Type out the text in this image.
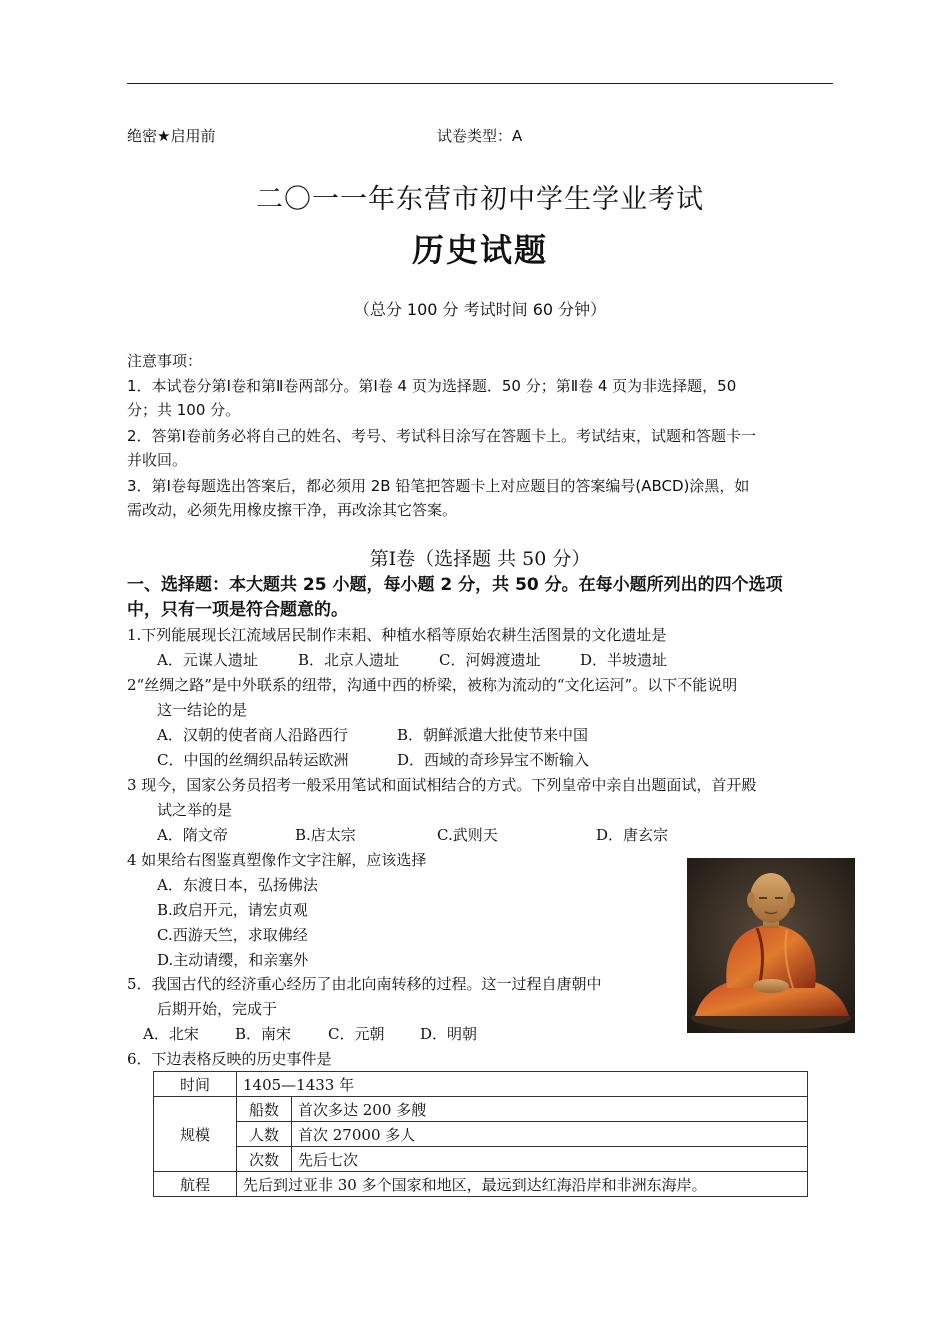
绝密★启用前	试卷类型：A
二〇一一年东营市初中学生学业考试
历史试题
（总分 100 分 考试时间 60 分钟）
注意事项：
1．本试卷分第Ⅰ卷和第Ⅱ卷两部分。第Ⅰ卷 4 页为选择题．50 分；第Ⅱ卷 4 页为非选择题，50
分；共 100 分。
2．答第Ⅰ卷前务必将自己的姓名、考号、考试科目涂写在答题卡上。考试结束，试题和答题卡一
并收回。
3．第Ⅰ卷每题选出答案后，都必须用 2B 铅笔把答题卡上对应题目的答案编号(ABCD)涂黑，如
需改动，必须先用橡皮擦干净，再改涂其它答案。
第Ⅰ卷（选择题 共 50 分）
一、选择题：本大题共 25 小题，每小题 2 分，共 50 分。在每小题所列出的四个选项
中，只有一项是符合题意的。
1.下列能展现长江流域居民制作耒耜、种植水稻等原始农耕生活图景的文化遗址是
A．元谋人遗址	B．北京人遗址	C．河姆渡遗址	D．半坡遗址
2“丝绸之路”是中外联系的纽带，沟通中西的桥梁，被称为流动的“文化运河”。以下不能说明
这一结论的是
A．汉朝的使者商人沿路西行	B．朝鲜派遣大批使节来中国
C．中国的丝绸织品转运欧洲	D．西域的奇珍异宝不断输入
3 现今，国家公务员招考一般采用笔试和面试相结合的方式。下列皇帝中亲自出题面试，首开殿
试之举的是
A．隋文帝	B.店太宗	C.武则天	D．唐玄宗
4 如果给右图鉴真塑像作文字注解，应该选择
A．东渡日本，弘扬佛法
B.政启开元，请宏贞观
C.西游天竺，求取佛经
D.主动请缨，和亲塞外
5．我国古代的经济重心经历了由北向南转移的过程。这一过程自唐朝中
后期开始，完成于
A．北宋 B．南宋 C．元朝 D．明朝
6．下边表格反映的历史事件是
时间	1405—1433 年	
规模	船数	首次多达 200 多艘
	人数	首次 27000 多人
	次数	先后七次
航程	先后到过亚非 30 多个国家和地区，最远到达红海沿岸和非洲东海岸。	
